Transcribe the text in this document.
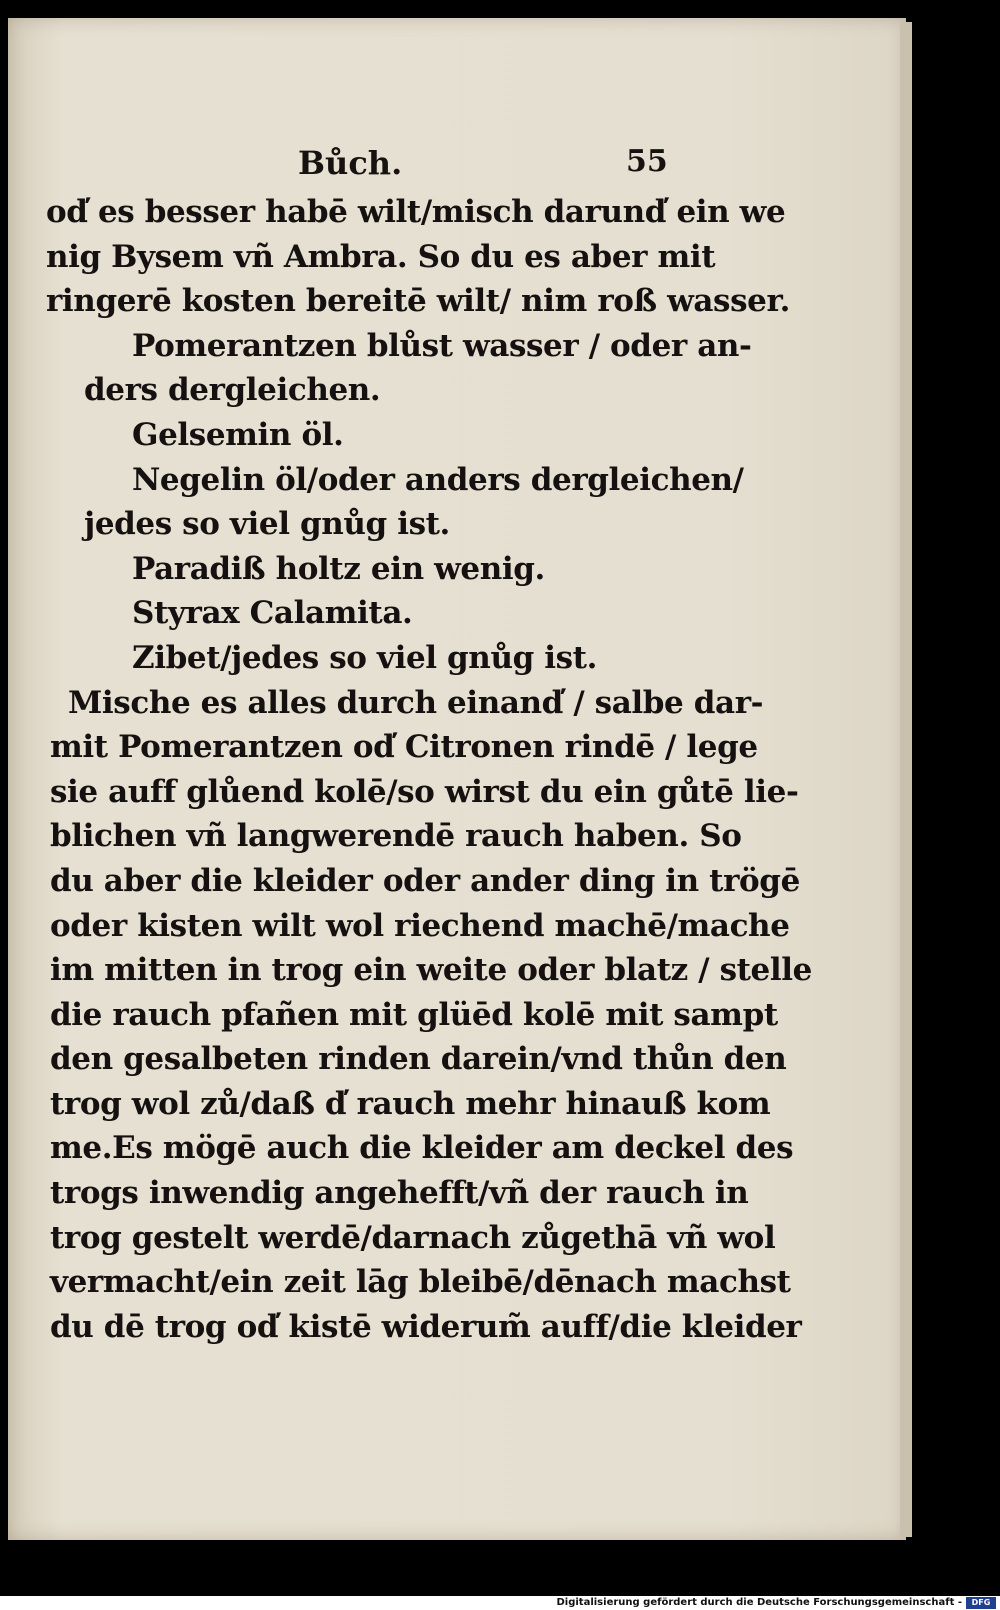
Bůch.	55
od̕ es besser habē wilt/misch darund̕ ein we
nig Bysem vñ Ambra. So du es aber mit
ringerē kosten bereitē wilt/ nim roß wasser.
Pomerantzen blůst wasser / oder an-
ders dergleichen.
Gelsemin öl.
Negelin öl/oder anders dergleichen/
jedes so viel gnůg ist.
Paradiß holtz ein wenig.
Styrax Calamita.
Zibet/jedes so viel gnůg ist.
Mische es alles durch einand̕ / salbe dar-
mit Pomerantzen od̕ Citronen rindē / lege
sie auff glůend kolē/so wirst du ein gůtē lie-
blichen vñ langwerendē rauch haben. So
du aber die kleider oder ander ding in trögē
oder kisten wilt wol riechend machē/mache
im mitten in trog ein weite oder blatz / stelle
die rauch pfañen mit glüēd kolē mit sampt
den gesalbeten rinden darein/vnd thůn den
trog wol zů/daß d̕ rauch mehr hinauß kom
me.Es mögē auch die kleider am deckel des
trogs inwendig angehefft/vñ der rauch in
trog gestelt werdē/darnach zůgethā vñ wol
vermacht/ein zeit lāg bleibē/dēnach machst
du dē trog od̕ kistē widerum̃ auff/die kleider
Digitalisierung gefördert durch die Deutsche Forschungsgemeinschaft -	DFG
